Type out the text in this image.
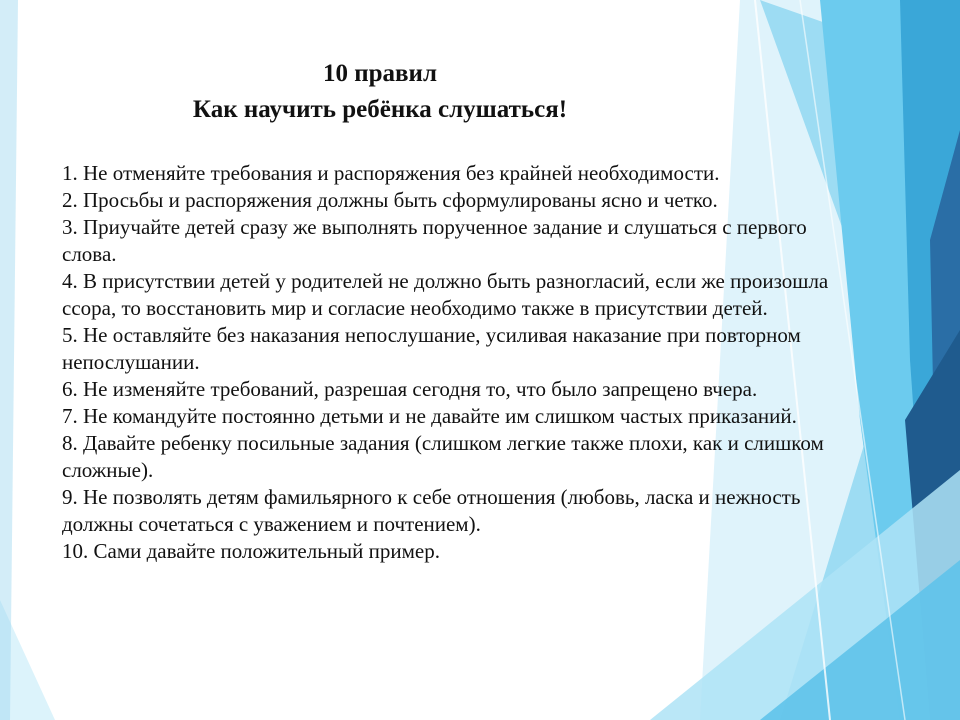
10 правил
Как научить ребёнка слушаться!
1. Не отменяйте требования и распоряжения без крайней необходимости.
2. Просьбы и распоряжения должны быть сформулированы ясно и четко.
3. Приучайте детей сразу же выполнять порученное задание и слушаться с первого слова.
4. В присутствии детей у родителей не должно быть разногласий, если же произошла ссора, то восстановить мир и согласие необходимо также в присутствии детей.
5. Не оставляйте без наказания непослушание, усиливая наказание при повторном непослушании.
6. Не изменяйте требований, разрешая сегодня то, что было запрещено вчера.
7. Не командуйте постоянно детьми и не давайте им слишком частых приказаний.
8. Давайте ребенку посильные задания (слишком легкие также плохи, как и слишком сложные).
9. Не позволять детям фамильярного к себе отношения (любовь, ласка и нежность должны сочетаться с уважением и почтением).
10. Сами давайте положительный пример.
